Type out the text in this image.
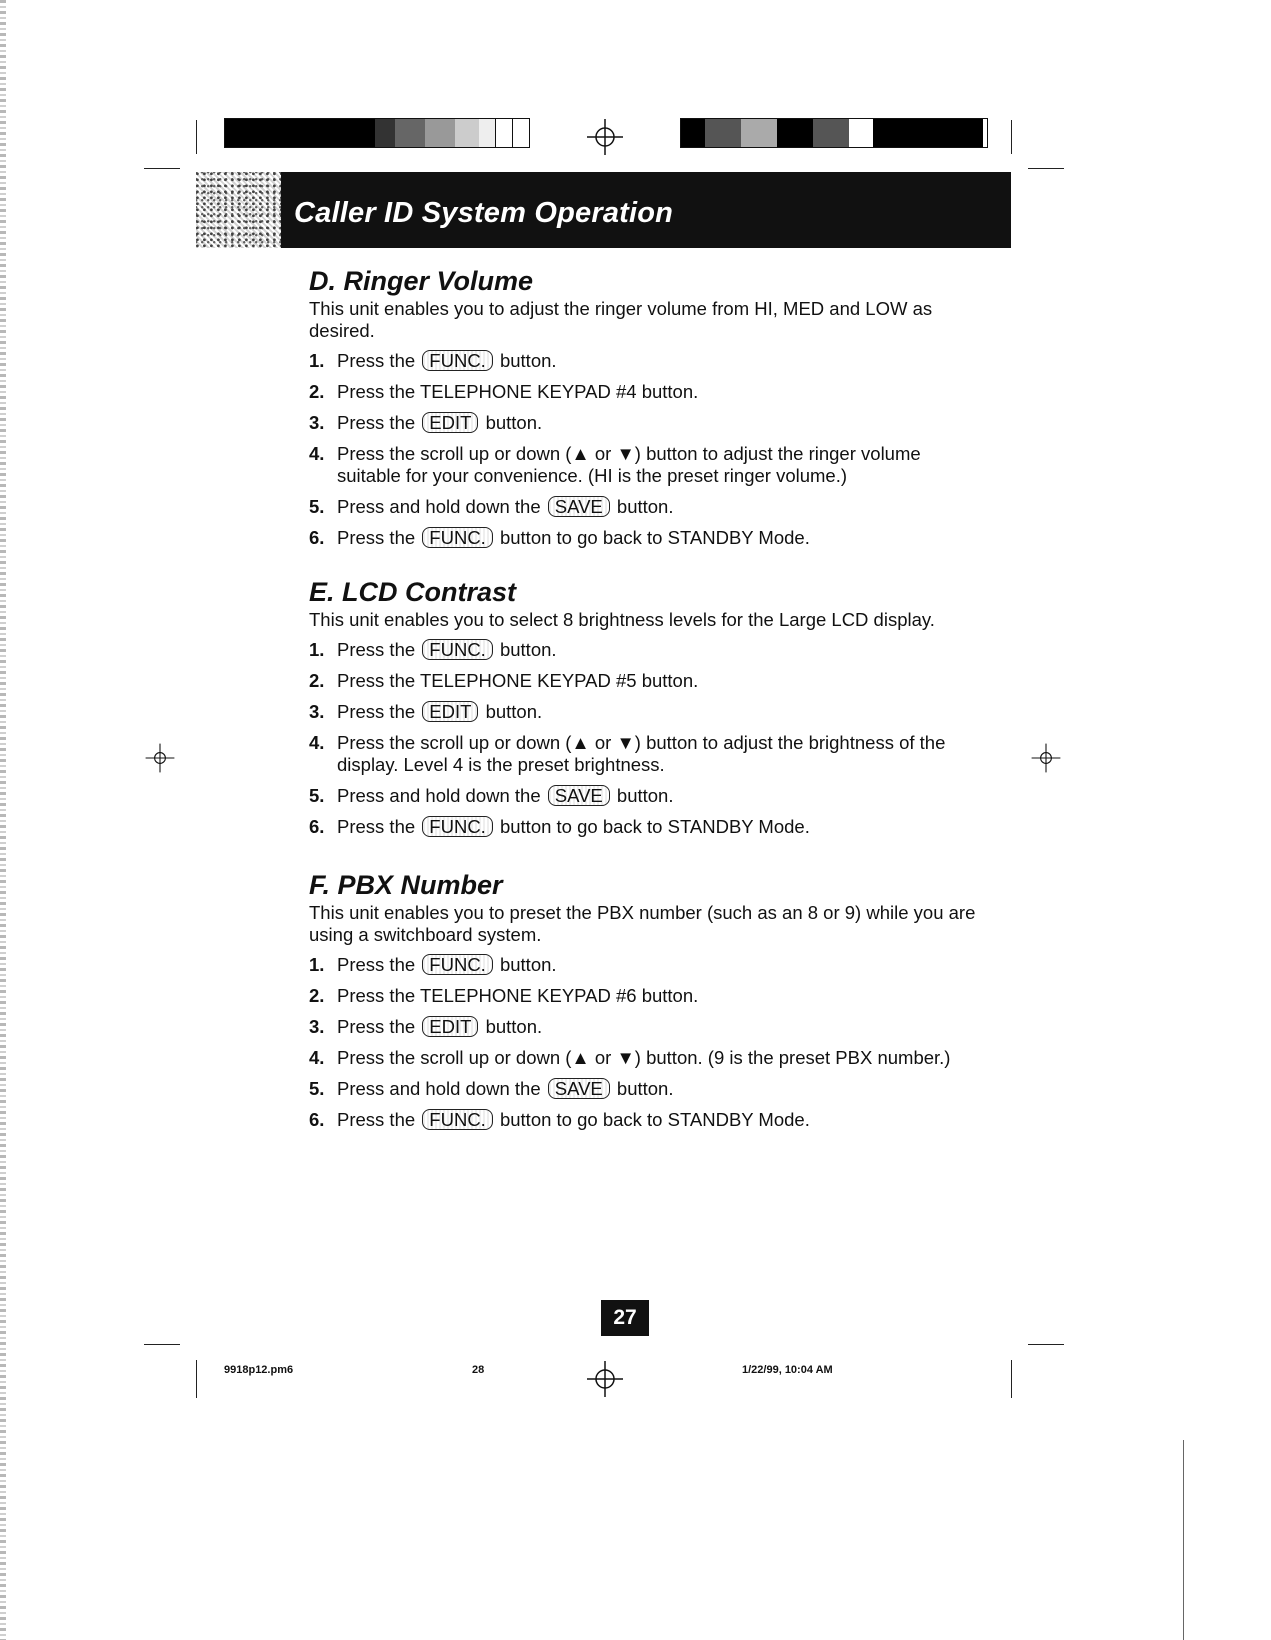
Caller ID System Operation
D. Ringer Volume

This unit enables you to adjust the ringer volume from HI, MED and LOW as desired.

1. Press the FUNC. button.
2. Press the TELEPHONE KEYPAD #4 button.
3. Press the EDIT button.
4. Press the scroll up or down (▲ or ▼) button to adjust the ringer volume suitable for your convenience. (HI is the preset ringer volume.)
5. Press and hold down the SAVE button.
6. Press the FUNC. button to go back to STANDBY Mode.
E. LCD Contrast

This unit enables you to select 8 brightness levels for the Large LCD display.

1. Press the FUNC. button.
2. Press the TELEPHONE KEYPAD #5 button.
3. Press the EDIT button.
4. Press the scroll up or down (▲ or ▼) button to adjust the brightness of the display. Level 4 is the preset brightness.
5. Press and hold down the SAVE button.
6. Press the FUNC. button to go back to STANDBY Mode.
F. PBX Number

This unit enables you to preset the PBX number (such as an 8 or 9) while you are using a switchboard system.

1. Press the FUNC. button.
2. Press the TELEPHONE KEYPAD #6 button.
3. Press the EDIT button.
4. Press the scroll up or down (▲ or ▼) button. (9 is the preset PBX number.)
5. Press and hold down the SAVE button.
6. Press the FUNC. button to go back to STANDBY Mode.
27
9918p12.pm6	28	1/22/99, 10:04 AM
